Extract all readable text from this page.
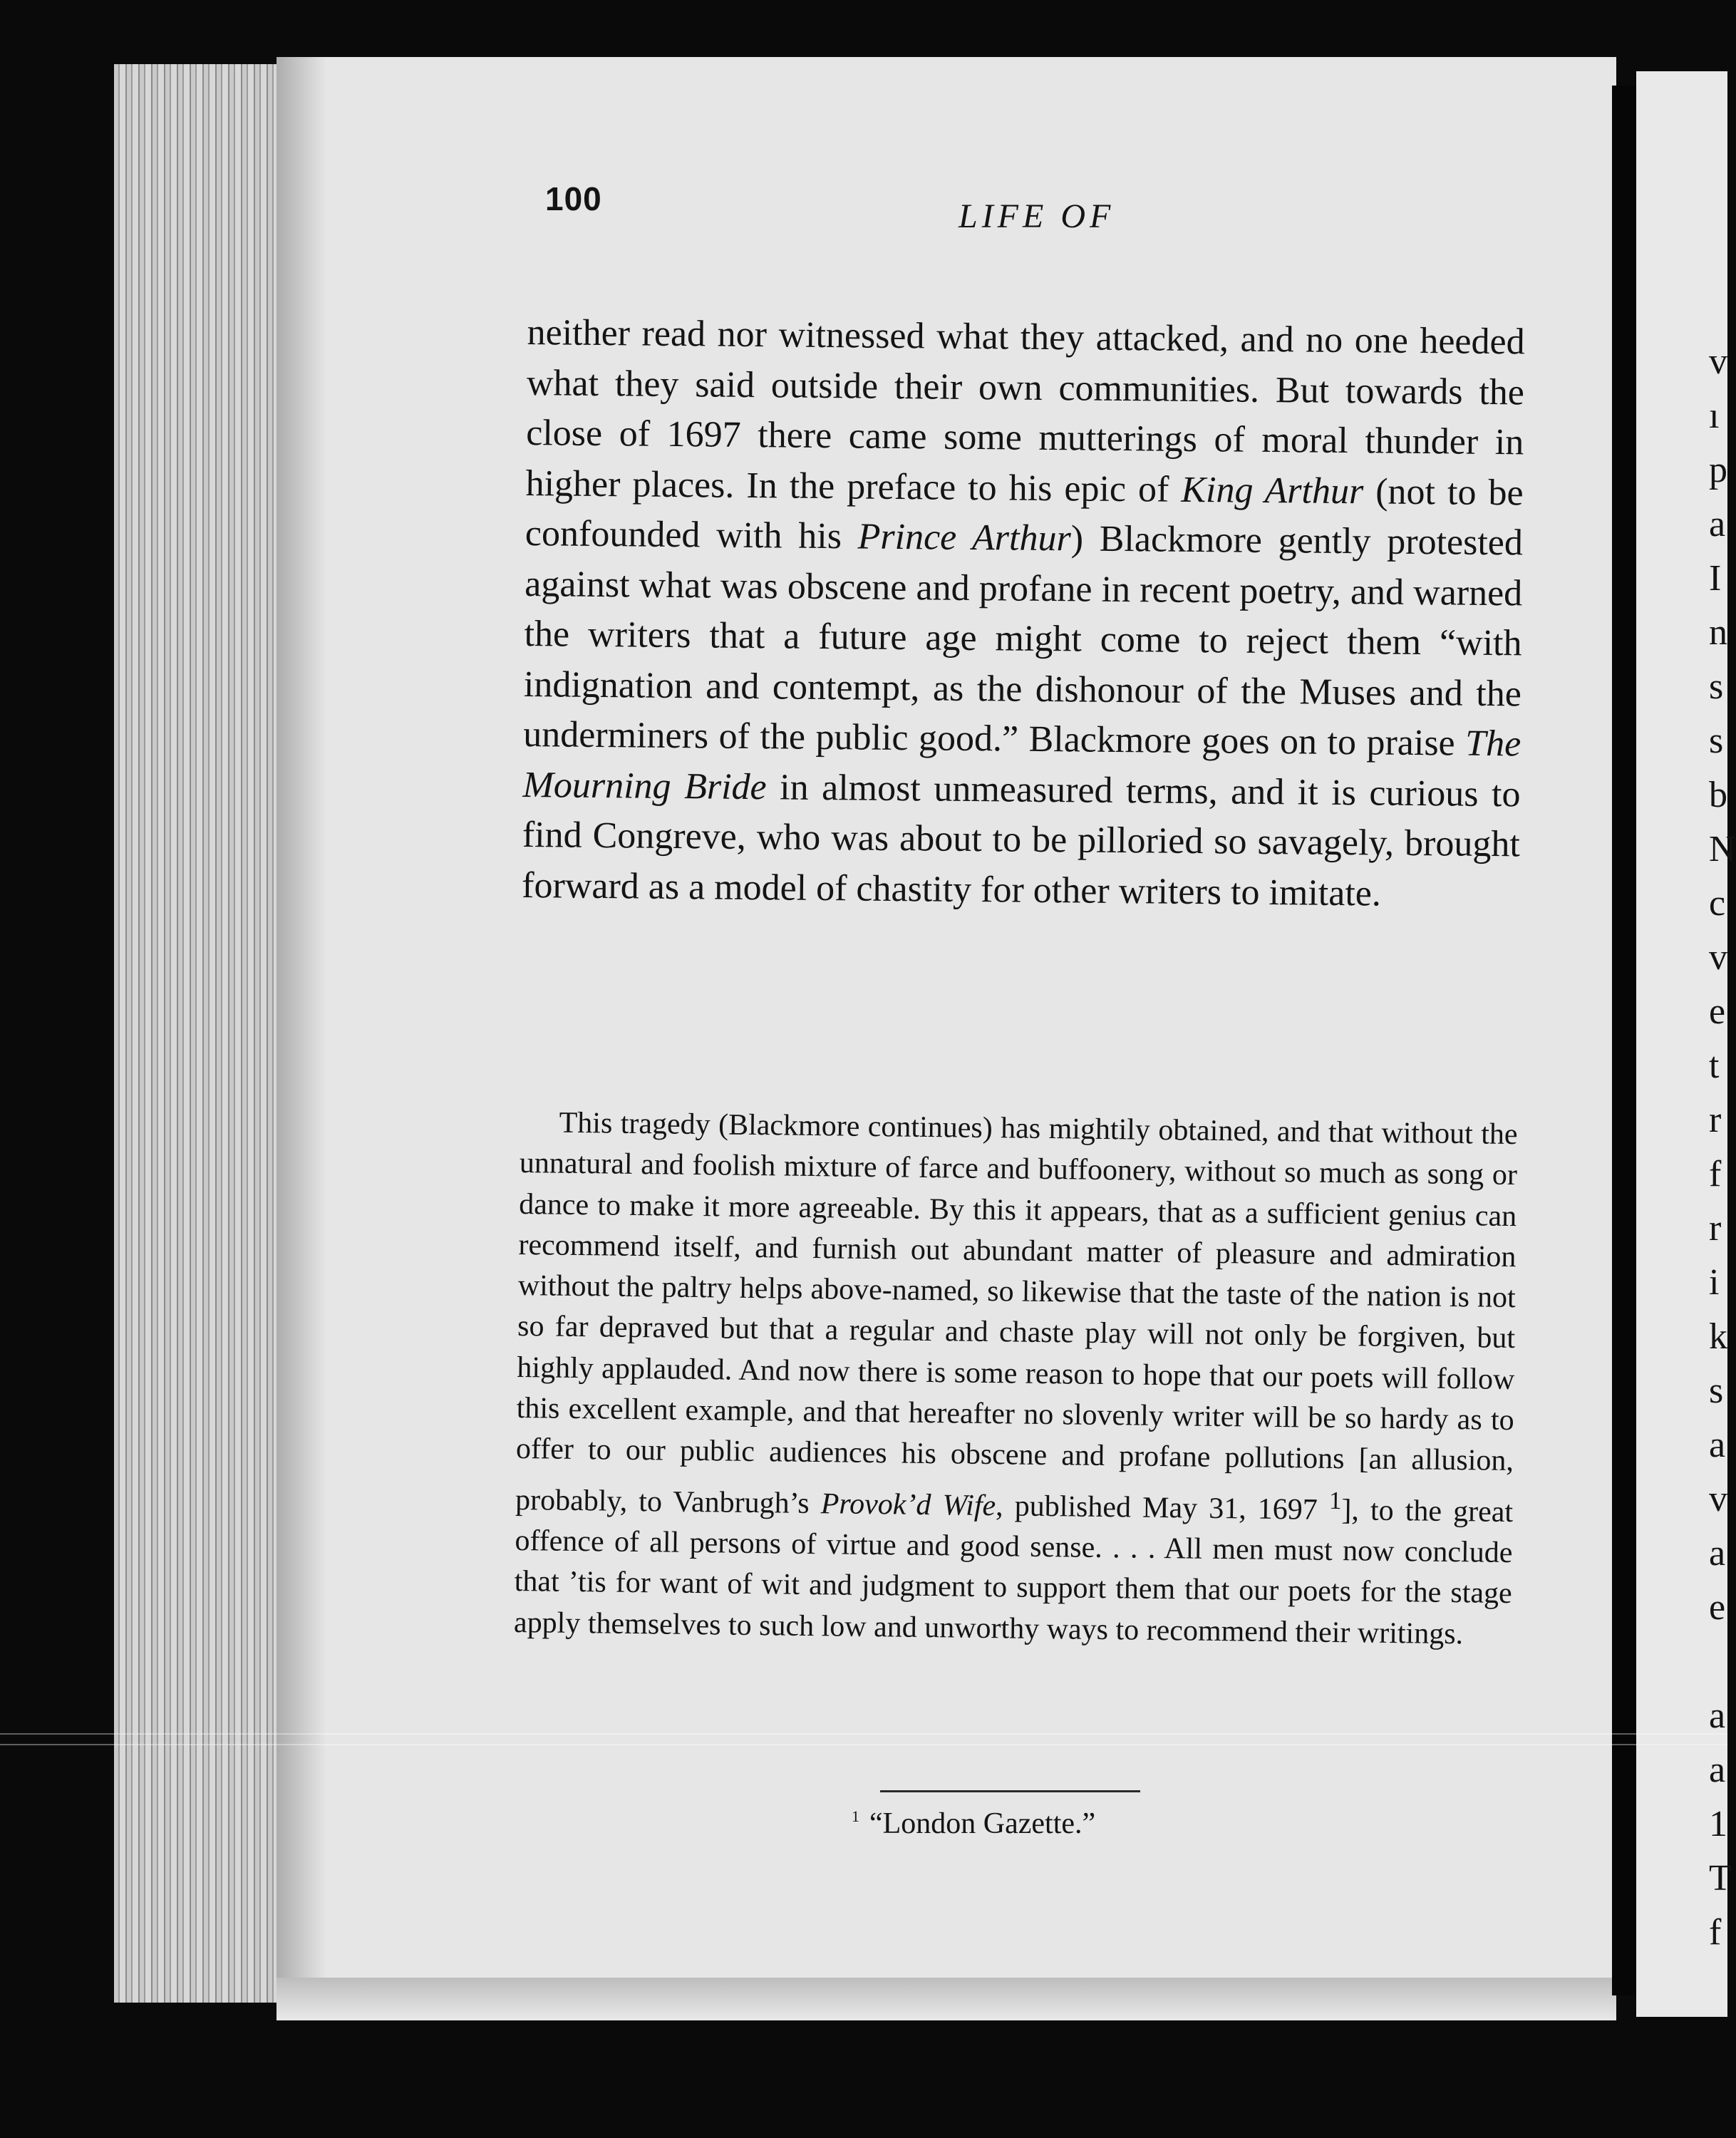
v
ı
p
a
I
n
s
s
b
N
c
v
e
t
r
f
r
i
k
s
a
v
a
e

a
a
1
T
f
100	LIFE OF

neither read nor witnessed what they attacked, and no one heeded what they said outside their own communities. But towards the close of 1697 there came some mutterings of moral thunder in higher places. In the preface to his epic of King Arthur (not to be confounded with his Prince Arthur) Blackmore gently protested against what was obscene and profane in recent poetry, and warned the writers that a future age might come to reject them “with indignation and contempt, as the dishonour of the Muses and the underminers of the public good.” Blackmore goes on to praise The Mourning Bride in almost unmeasured terms, and it is curious to find Congreve, who was about to be pilloried so savagely, brought forward as a model of chastity for other writers to imitate.

This tragedy (Blackmore continues) has mightily obtained, and that without the unnatural and foolish mixture of farce and buffoonery, without so much as song or dance to make it more agreeable. By this it appears, that as a sufficient genius can recommend itself, and furnish out abundant matter of pleasure and admiration without the paltry helps above-named, so likewise that the taste of the nation is not so far depraved but that a regular and chaste play will not only be forgiven, but highly applauded. And now there is some reason to hope that our poets will follow this excellent example, and that hereafter no slovenly writer will be so hardy as to offer to our public audiences his obscene and profane pollutions [an allusion, probably, to Vanbrugh’s Provok’d Wife, published May 31, 1697 $^1$], to the great offence of all persons of virtue and good sense. . . . All men must now conclude that ’tis for want of wit and judgment to support them that our poets for the stage apply themselves to such low and unworthy ways to recommend their writings.

$^1$ “London Gazette.”
